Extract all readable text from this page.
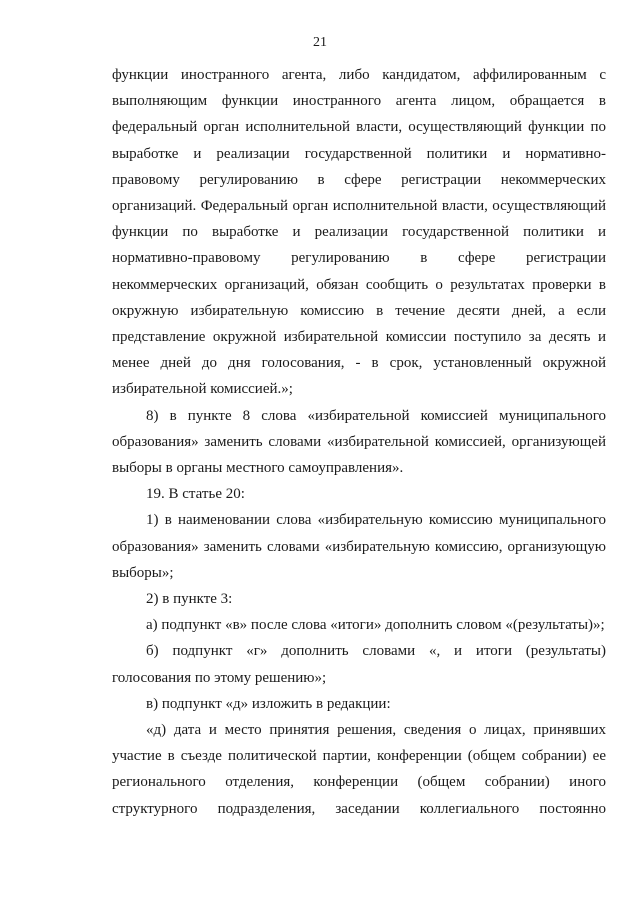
21

функции иностранного агента, либо кандидатом, аффилированным с выполняющим функции иностранного агента лицом, обращается в федеральный орган исполнительной власти, осуществляющий функции по выработке и реализации государственной политики и нормативно-правовому регулированию в сфере регистрации некоммерческих организаций. Федеральный орган исполнительной власти, осуществляющий функции по выработке и реализации государственной политики и нормативно-правовому регулированию в сфере регистрации некоммерческих организаций, обязан сообщить о результатах проверки в окружную избирательную комиссию в течение десяти дней, а если представление окружной избирательной комиссии поступило за десять и менее дней до дня голосования, - в срок, установленный окружной избирательной комиссией.»;

8) в пункте 8 слова «избирательной комиссией муниципального образования» заменить словами «избирательной комиссией, организующей выборы в органы местного самоуправления».

19. В статье 20:

1) в наименовании слова «избирательную комиссию муниципального образования» заменить словами «избирательную комиссию, организующую выборы»;

2) в пункте 3:

а) подпункт «в» после слова «итоги» дополнить словом «(результаты)»;

б) подпункт «г» дополнить словами «, и итоги (результаты) голосования по этому решению»;

в) подпункт «д» изложить в редакции:

«д) дата и место принятия решения, сведения о лицах, принявших участие в съезде политической партии, конференции (общем собрании) ее регионального отделения, конференции (общем собрании) иного структурного подразделения, заседании коллегиального постоянно
